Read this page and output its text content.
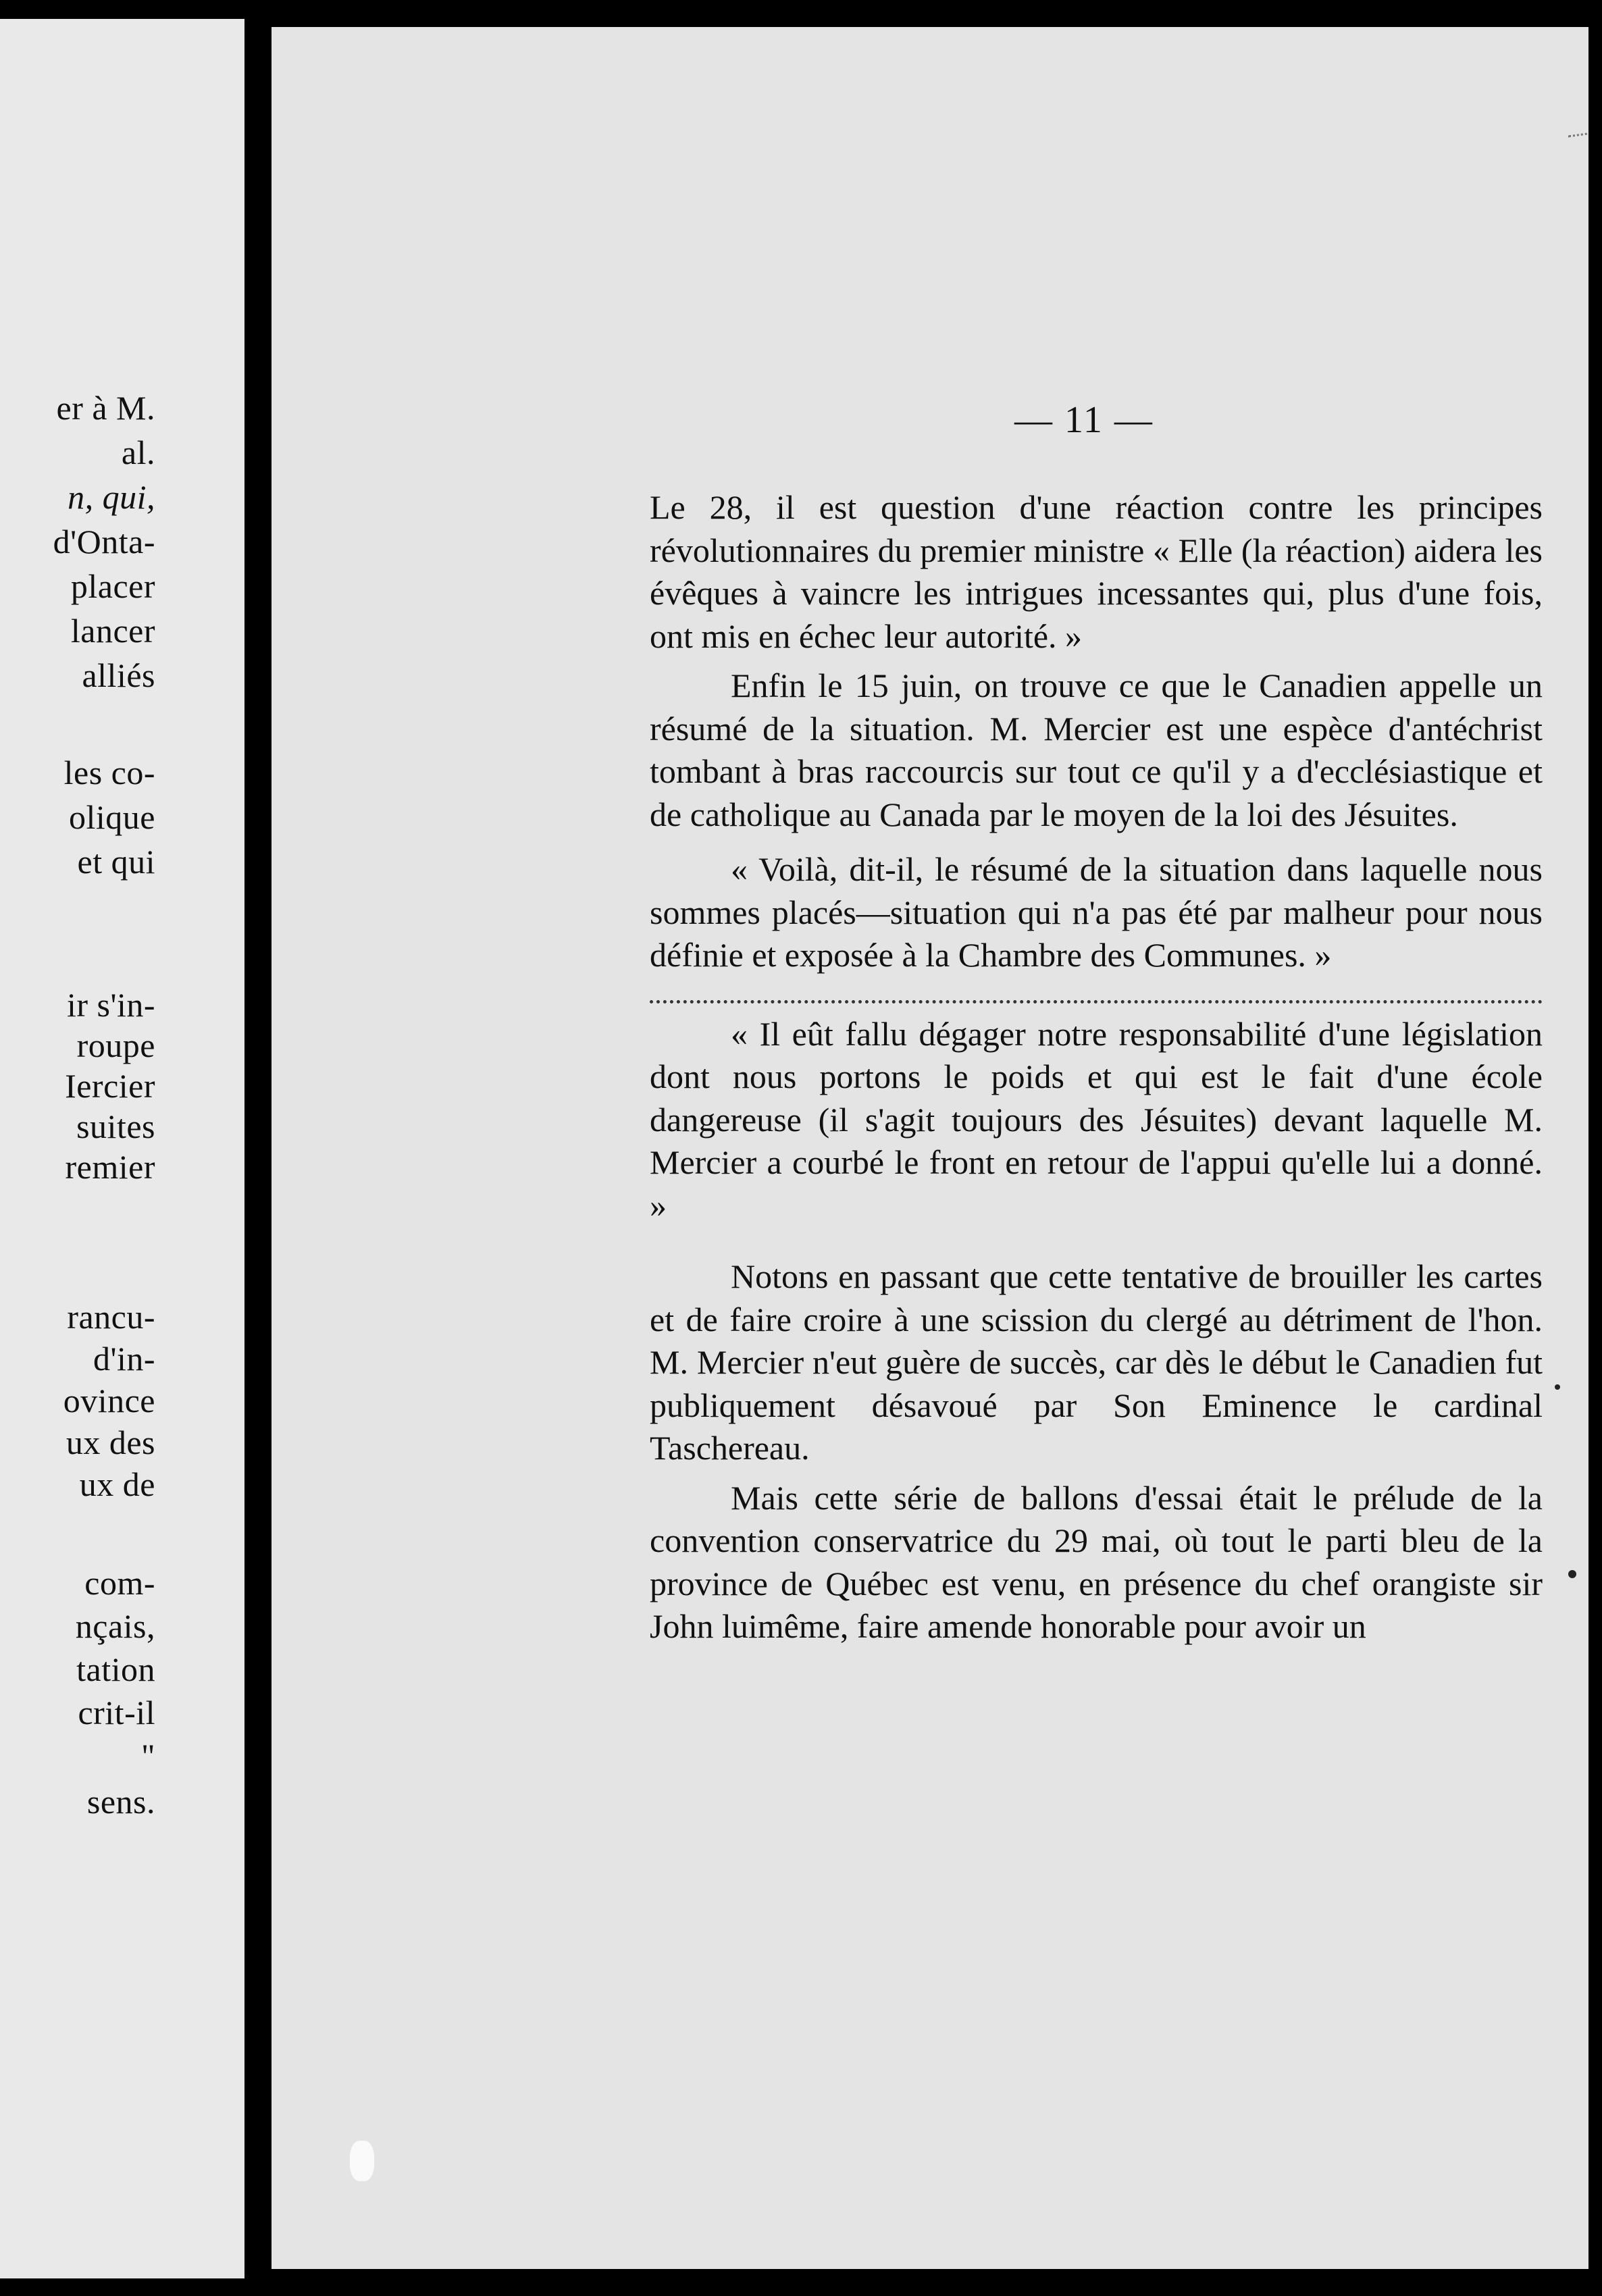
er à M.
al.
n, qui,
d'Onta-
placer
lancer
alliés
les co-
olique
et qui
ir s'in-
roupe
Iercier
suites
remier
rancu-
d'in-
ovince
ux des
ux de
com-
nçais,
tation
crit-il
"
sens.
— 11 —

Le 28, il est question d'une réaction contre les principes révolutionnaires du premier ministre « Elle (la réaction) aidera les évêques à vaincre les intrigues incessantes qui, plus d'une fois, ont mis en échec leur autorité. »

Enfin le 15 juin, on trouve ce que le Canadien appelle un résumé de la situation. M. Mercier est une espèce d'antéchrist tombant à bras raccourcis sur tout ce qu'il y a d'ecclésiastique et de catholique au Canada par le moyen de la loi des Jésuites.

« Voilà, dit-il, le résumé de la situation dans laquelle nous sommes placés—situation qui n'a pas été par malheur pour nous définie et exposée à la Chambre des Communes. »

« Il eût fallu dégager notre responsabilité d'une législation dont nous portons le poids et qui est le fait d'une école dangereuse (il s'agit toujours des Jésuites) devant laquelle M. Mercier a courbé le front en retour de l'appui qu'elle lui a donné. »

Notons en passant que cette tentative de brouiller les cartes et de faire croire à une scission du clergé au détriment de l'hon. M. Mercier n'eut guère de succès, car dès le début le Canadien fut publiquement désavoué par Son Eminence le cardinal Taschereau.

Mais cette série de ballons d'essai était le prélude de la convention conservatrice du 29 mai, où tout le parti bleu de la province de Québec est venu, en présence du chef orangiste sir John luimême, faire amende honorable pour avoir un
